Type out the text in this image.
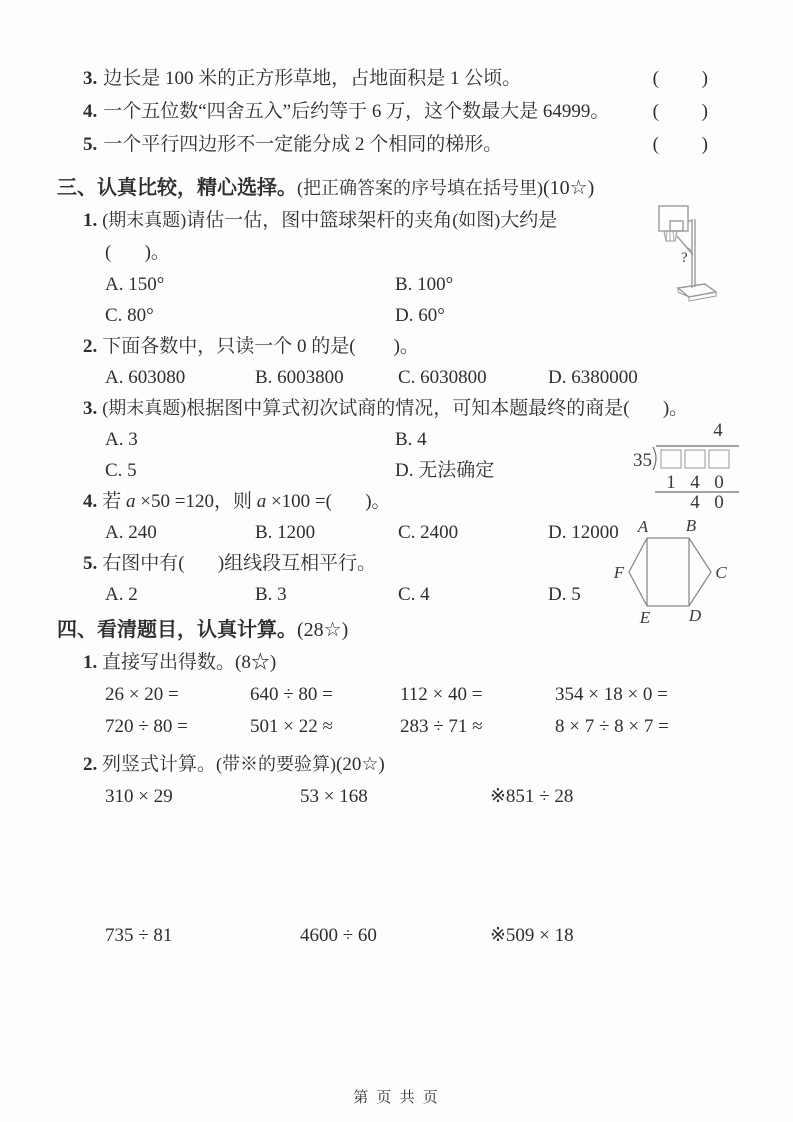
3. 边长是 100 米的正方形草地，占地面积是 1 公顷。	(         )
4. 一个五位数“四舍五入”后约等于 6 万，这个数最大是 64999。 (         )
5. 一个平行四边形不一定能分成 2 个相同的梯形。	(         )
三、认真比较，精心选择。(把正确答案的序号填在括号里)(10☆)
1. (期末真题)请估一估，图中篮球架杆的夹角(如图)大约是
(       )。
A. 150°	B. 100°
C. 80°	D. 60°
2. 下面各数中，只读一个 0 的是(        )。
A. 603080	B. 6003800	C. 6030800	D. 6380000
3. (期末真题)根据图中算式初次试商的情况，可知本题最终的商是(       )。
A. 3	B. 4
C. 5	D. 无法确定
4. 若 a ×50 =120，则 a ×100 =(       )。
A. 240	B. 1200	C. 2400	D. 12000
5. 右图中有(       )组线段互相平行。
A. 2	B. 3	C. 4	D. 5
四、看清题目，认真计算。(28☆)
1. 直接写出得数。(8☆)
26 × 20 =	640 ÷ 80 =	112 × 40 =	354 × 18 × 0 =
720 ÷ 80 =	501 × 22 ≈	283 ÷ 71 ≈	8 × 7 ÷ 8 × 7 =
2. 列竖式计算。(带※的要验算)(20☆)
310 × 29	53 × 168	※851 ÷ 28
735 ÷ 81	4600 ÷ 60	※509 × 18
?
4
35
1 4 0
4 0
A B
C
D
E
F
第 页 共 页
